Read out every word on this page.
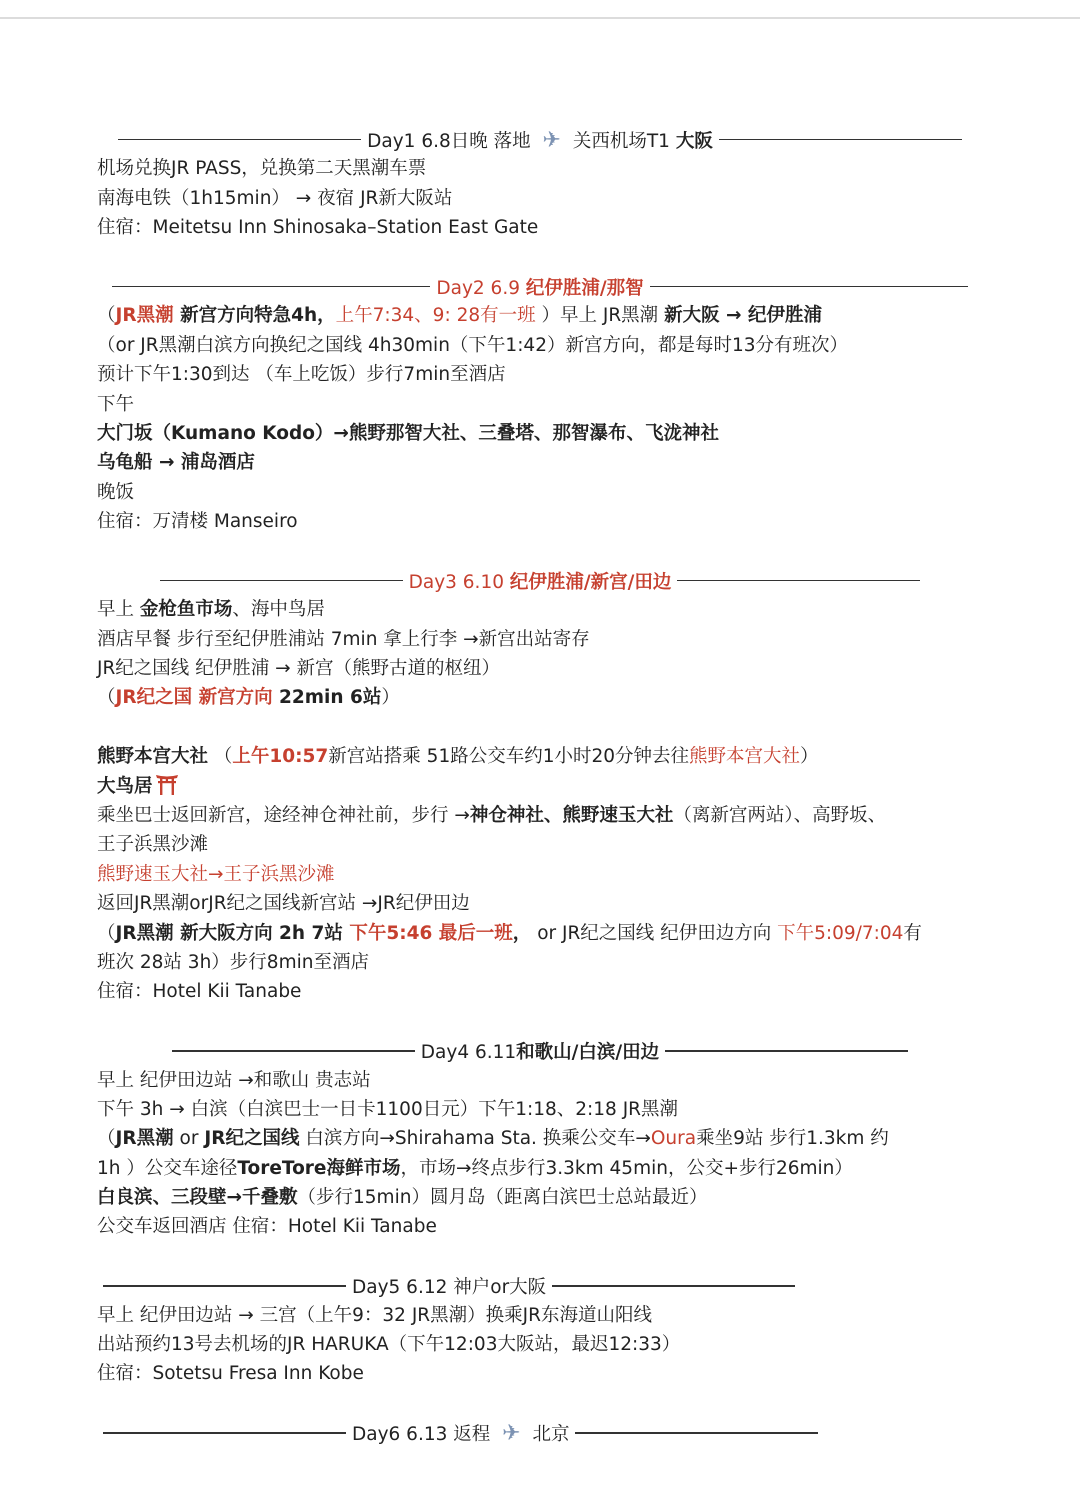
Day1 6.8日晚 落地 ✈ 关西机场T1 大阪
机场兑换JR PASS，兑换第二天黑潮车票
南海电铁（1h15min） → 夜宿 JR新大阪站
住宿：Meitetsu Inn Shinosaka–Station East Gate
Day2 6.9 纪伊胜浦/那智
（JR黑潮 新宫方向特急4h，上午7:34、9: 28有一班 ）早上 JR黑潮 新大阪 → 纪伊胜浦
（or JR黑潮白滨方向换纪之国线 4h30min（下午1:42）新宫方向，都是每时13分有班次）
预计下午1:30到达 （车上吃饭）步行7min至酒店
下午
大门坂（Kumano Kodo）→熊野那智大社、三叠塔、那智瀑布、飞泷神社
乌龟船 → 浦岛酒店
晚饭
住宿：万清楼 Manseiro
Day3 6.10 纪伊胜浦/新宫/田边
早上 金枪鱼市场、海中鸟居
酒店早餐 步行至纪伊胜浦站 7min 拿上行李 →新宫出站寄存
JR纪之国线 纪伊胜浦 → 新宫（熊野古道的枢纽）
（JR纪之国 新宫方向 22min 6站）
熊野本宫大社 （上午10:57新宫站搭乘 51路公交车约1小时20分钟去往熊野本宫大社）
大鸟居
乘坐巴士返回新宫，途经神仓神社前，步行 →神仓神社、熊野速玉大社（离新宫两站）、高野坂、
王子浜黑沙滩
熊野速玉大社→王子浜黑沙滩
返回JR黑潮orJR纪之国线新宫站 →JR纪伊田边
（JR黑潮 新大阪方向 2h 7站 下午5:46 最后一班， or JR纪之国线 纪伊田边方向 下午5:09/7:04有
班次 28站 3h）步行8min至酒店
住宿：Hotel Kii Tanabe
Day4 6.11和歌山/白滨/田边
早上 纪伊田边站 →和歌山 贵志站
下午 3h → 白滨（白滨巴士一日卡1100日元）下午1:18、2:18 JR黑潮
（JR黑潮 or JR纪之国线 白滨方向→Shirahama Sta. 换乘公交车→Oura乘坐9站 步行1.3km 约
1h ）公交车途径ToreTore海鲜市场，市场→终点步行3.3km 45min，公交+步行26min）
白良滨、三段壁→千叠敷（步行15min）圆月岛（距离白滨巴士总站最近）
公交车返回酒店 住宿：Hotel Kii Tanabe
Day5 6.12 神户or大阪
早上 纪伊田边站 → 三宫（上午9：32 JR黑潮）换乘JR东海道山阳线
出站预约13号去机场的JR HARUKA（下午12:03大阪站，最迟12:33）
住宿：Sotetsu Fresa Inn Kobe
Day6 6.13 返程 ✈ 北京
